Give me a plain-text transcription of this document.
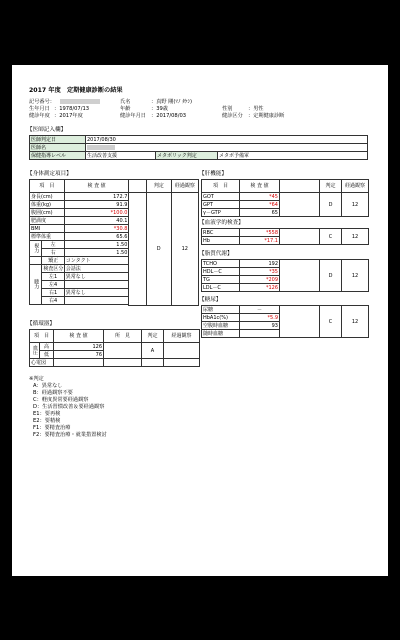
2017 年度　定期健康診断の結果
記号番号：	氏名	：真野 剛(ﾏﾉ ﾀｹｼ)
生年月日 ：1978/07/13	年齢	：39歳	性別	：男性
健診年度 ：2017年度	健診年月日 ：2017/08/03	健診区分 ：定期健康診断
【医師記入欄】
医師判定日	2017/08/30		
医師名			
保健指導レベル	生活改善支援	メタボリック判定	メタボ予備軍
【身体測定項目】
項　目		検 査 値		判定	経過観察
身長(cm)		172.7		D	12
体重(kg)		91.9			
腹囲(cm)		*100.0			
肥満度		40.1			
BMI		*30.8			
標準体重		65.6			
視力	左	1.50			
	右	1.50			
	矯正	コンタクト			
聴力	検査区分	会話法			
	左1	異常なし			
	左4				
	右1	異常なし			
	右4				

【循環器】
項　目		検 査 値	所　見	判定	経過観察
血圧	高	126		A	
	低	76			
心電図					
※判定
A：異常なし
B：経過観察不要
C：軽度異常要経過観察
D：生活習慣改善＆要経過観察
E1：要再検
E2：要精検
F1：要精査治療
F2：要精査治療・就業措置検討
【肝機能】
項　目	検 査 値		判定	経過観察
GOT	*45		D	12
GPT	*64			
γ－GTP	65			
【血液学的検査】
RBC	*558		C	12
Hb	*17.1			
【脂質代謝】
TCHO	192		D	12
HDL－C	*35			
TG	*209			
LDL－C	*126			
【糖尿】
尿糖	－		C	12
HbA1c(%)	*5.9			
空腹時血糖	93			
随時血糖				
